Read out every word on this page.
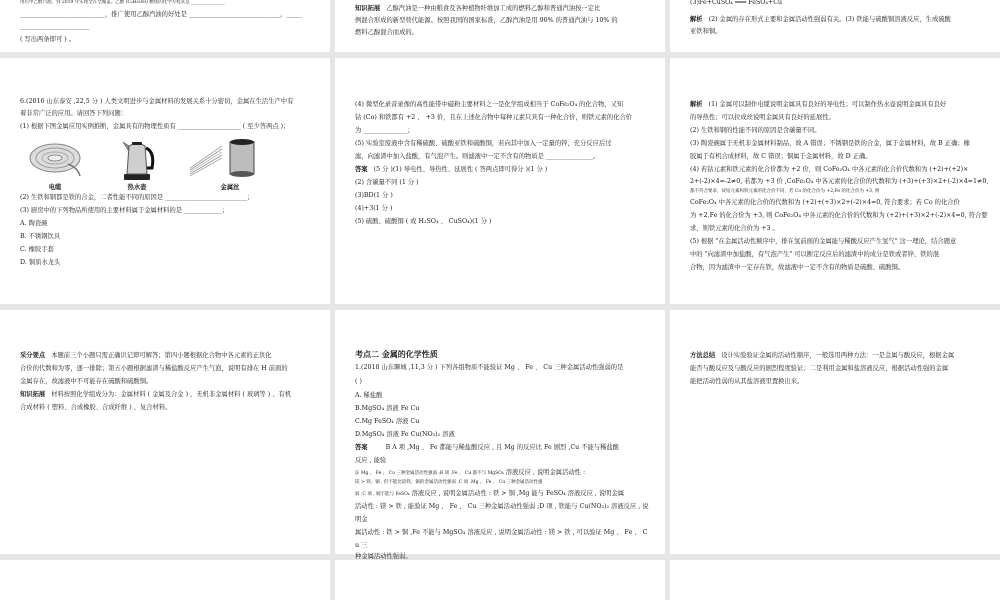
用右甲乙醇汽油，到 2019 年实现全在全覆盖。乙醇 (C₂H₅OH) 燃烧的化学方程式是 _______________
___________________________，推广使用乙醇汽油的好处是 _____________________________，_____
______________________
( 写出两条即可 ) 。
知识拓展 乙醇汽油是一种由粮食及各种植物纤维加工成的燃料乙醇和普通汽油按一定比
例混合形成的新型替代能源。按照我国的国家标准，乙醇汽油是用 90% 的普通汽油与 10% 的
燃料乙醇混合而成的。
(3)Fe+CuSO₄ ═══ FeSO₄+Cu
解析 (2) 金属的存在形式主要和金属活动性强弱有关。(3) 铁能与硫酸铜溶液反应，生成硫酸
亚铁和铜。
6.(2016 山东泰安 ,22,5 分 ) 人类文明进步与金属材料的发展关系十分密切，金属在生活生产中有
着非常广泛的应用。请回答下列问题：
(1) 根据下图金属应用实例推断，金属具有的物理性质有 ____________________ ( 至少答两点 )；
电缆	热水壶	金属丝
(2) 生铁和钢都是铁的合金，二者性能不同的原因是 __________________________；
(3) 厨房中的下列物品所使用的主要材料属于金属材料的是 ____________；
A. 陶瓷碗
B. 不锈钢饮具
C. 橡胶手套
D. 铜质水龙头
(4) 微型化录音录像的高性能带中磁粉主要材料之一是化学组成相当于 CoFe₂O₄ 的化合物，又知
钴 (Co) 和铁都有 +2 、 +3 价，且在上述化合物中每种元素只具有一种化合价，则铁元素的化合价
为 ______________；
(5) 实验室废液中含有稀硫酸、硫酸亚铁和硫酸铜，若向其中加入一定量的锌，充分反应后过
滤，向滤渣中加入盐酸，有气泡产生。则滤液中一定不含有的物质是 _______________。
答案 (5 分 )(1) 导电性、导热性、延展性 ( 答两点即可得分 )(1 分 )
(2) 含碳量不同 (1 分 )
(3)BD(1 分 )
(4)+3(1 分 )
(5) 硫酸、硫酸铜 ( 或 H₂SO₄ 、 CuSO₄)(1 分 )
解析 (1) 金属可以制作电缆说明金属具有良好的导电性；可以制作热水壶说明金属具有良好
的导热性；可以拉成丝说明金属具有良好的延展性。
(2) 生铁和钢的性能不同的原因是含碳量不同。
(3) 陶瓷碗属于无机非金属材料制品，故 A 错误；不锈钢是铁的合金，属于金属材料，故 B 正确；橡
胶属于有机合成材料，故 C 错误；铜属于金属材料，故 D 正确。
(4) 若钴元素和铁元素的化合价都为 +2 价，则 CoFe₂O₄ 中各元素的化合价代数和为 (+2)+(+2)×
2+(-2)×4=-2≠0, 若都为 +3 价 ,CoFe₂O₄ 中各元素的化合价的代数和为 (+3)+(+3)×2+(-2)×4=1≠0,
都不符合要求，故钴元素和铁元素的化合价不同，若 Co 的化合价为 +2,Fe 的化合价为 +3, 则
CoFe₂O₄ 中各元素的化合价的代数和为 (+2)+(+3)×2+(-2)×4=0, 符合要求；若 Co 的化合价
为 +2,Fe 的化合价为 +3, 则 CoFe₂O₄ 中各元素的化合价的代数和为 (+2)+(+3)×2+(-2)×4=0, 符合要
求，则铁元素的化合价为 +3 。
(5) 根据 "在金属活动性顺序中，排在氢前面的金属能与稀酸反应产生氢气" 这一理论，结合题意
中的 "向滤渣中加盐酸，有气泡产生" 可以断定反应后的滤渣中的成分是铁或者锌、铁的混
合物，因为滤渣中一定存在铁，故滤液中一定不含有的物质是硫酸、硫酸铜。
采分要点 本题前三个小题只需正确识记即可解答；第四小题根据化合物中各元素的正负化
合价的代数和为零，逐一排除；第五小题根据滤渣与稀盐酸反应产生气泡，说明有排在 H 前面的
金属存在，故滤液中不可能存在硫酸和硫酸铜。
知识拓展 材料按照化学组成分为：金属材料 ( 金属及合金 ) 、无机非金属材料 ( 玻璃等 ) 、有机
合成材料 ( 塑料、合成橡胶、合成纤维 ) 、复合材料。
考点二 金属的化学性质
1.(2018 山东聊城 ,11,3 分 ) 下列各组物质不能验证 Mg 、 Fe 、 Cu 三种金属活动性强弱的是
( )
A. 稀盐酸
B.MgSO₄ 溶液 Fe Cu
C.Mg FeSO₄ 溶液 Cu
D.MgSO₄ 溶液 Fe Cu(NO₃)₂ 溶液
答案	B A 项 ,Mg 、 Fe 都能与稀盐酸反应 , 且 Mg 的反应比 Fe 剧烈 ,Cu 不能与稀盐酸
反应 , 能验
证 Mg 、 Fe 、 Cu 三种金属活动性强弱 ;B 项 ,Fe 、 Cu 都不与 MgSO₄ 溶液反应 , 说明金属活动性 :
镁 > 铁、铜 , 但不能比较铁、铜的金属活动性强弱 ,C 项 ,Mg 、 Fe 、 Cu 三种金属活动性强
弱 ,C 项 , 铜不能与 FeSO₄ 溶液反应 , 说明金属活动性 : 铁 > 铜 ,Mg 能与 FeSO₄ 溶液反应 , 说明金属
活动性 : 镁 > 铁 , 能验证 Mg 、 Fe 、 Cu 三种金属活动性强弱 ;D 项 , 铁能与 Cu(NO₃)₂ 溶液反应 , 说
明金
属活动性 : 铁 > 铜 ,Fe 不能与 MgSO₄ 溶液反应 , 说明金属活动性 : 镁 > 铁 , 可以验证 Mg 、 Fe 、 C
u 三
种金属活动性强弱。
方法总结 设计实验验证金属的活动性顺序，一般选用两种方法：一是金属与酸反应，根据金属
能否与酸反应及与酸反应的剧烈程度验证；二是利用金属和盐溶液反应，根据活动性强的金属
能把活动性弱的从其盐溶液里置换出来。
